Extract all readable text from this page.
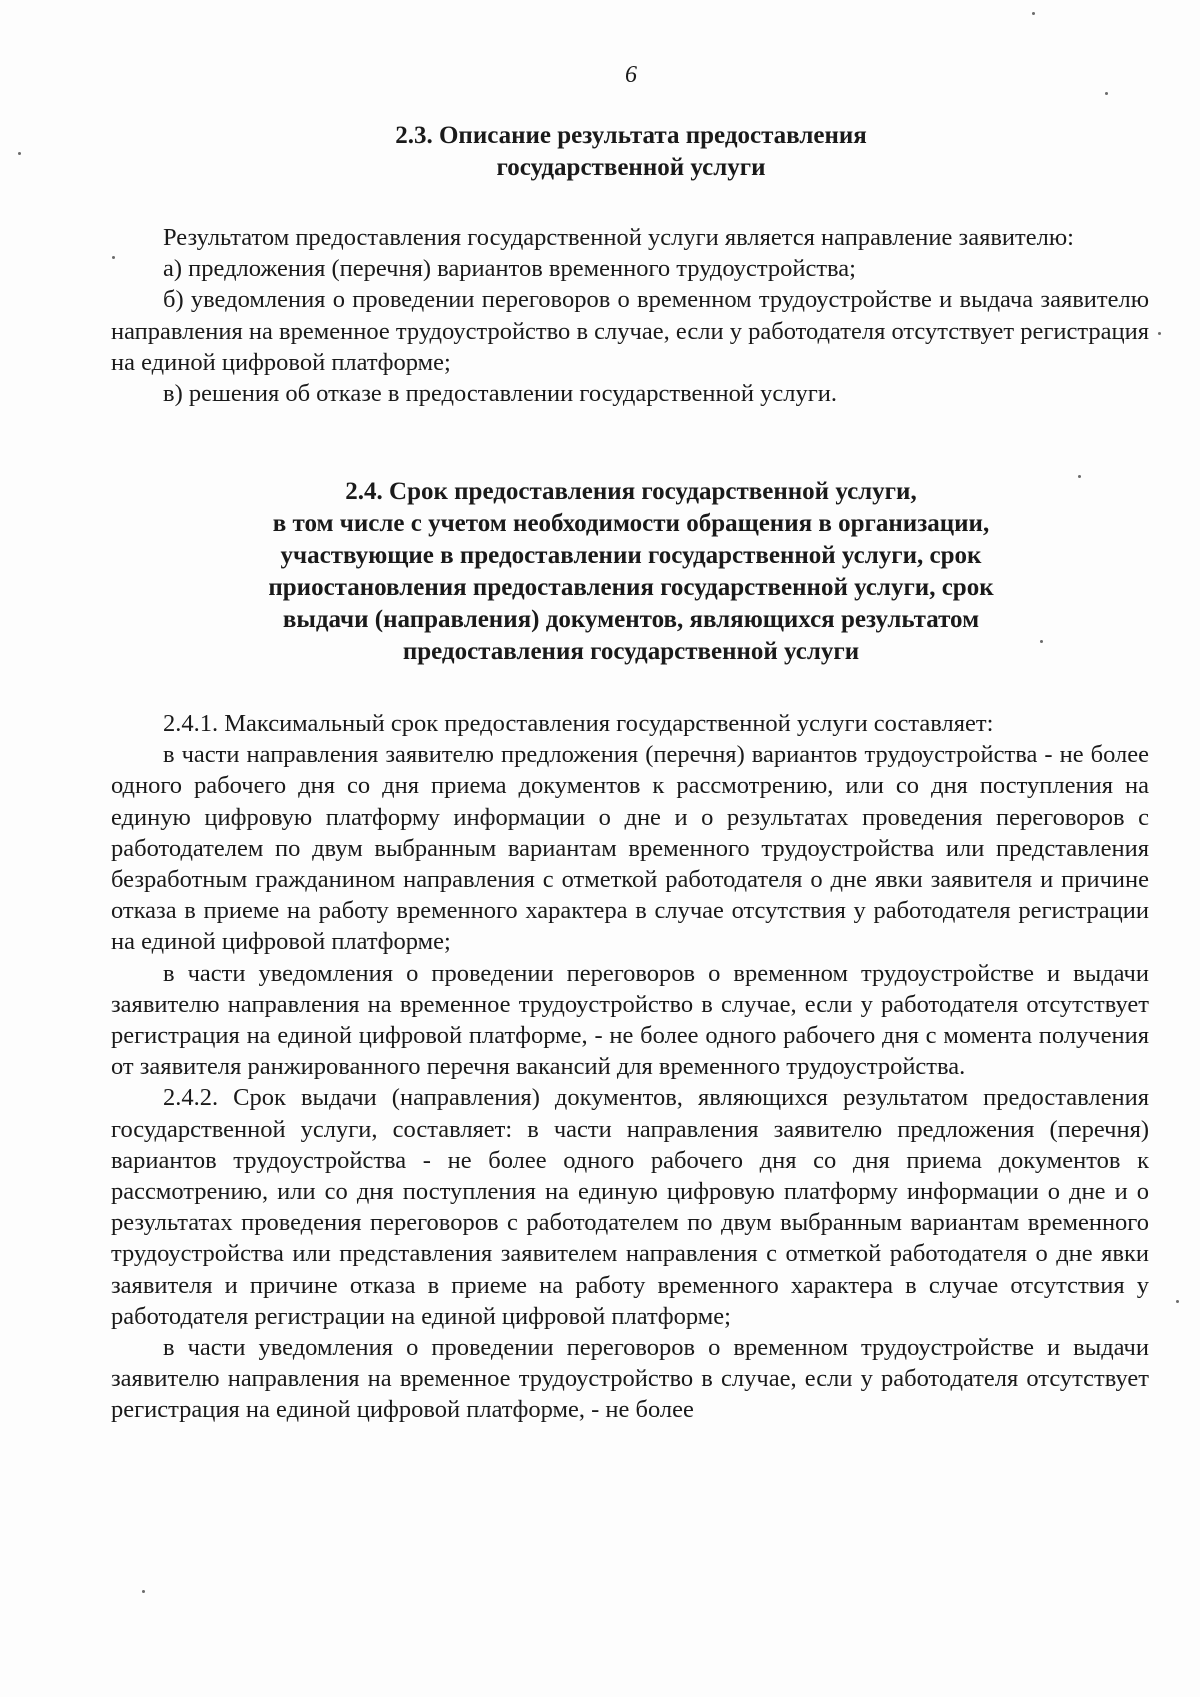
6
2.3. Описание результата предоставления
государственной услуги

Результатом предоставления государственной услуги является направление заявителю:

а) предложения (перечня) вариантов временного трудоустройства;

б) уведомления о проведении переговоров о временном трудоустройстве и выдача заявителю направления на временное трудоустройство в случае, если у работодателя отсутствует регистрация на единой цифровой платформе;

в) решения об отказе в предоставлении государственной услуги.

2.4. Срок предоставления государственной услуги,
в том числе с учетом необходимости обращения в организации,
участвующие в предоставлении государственной услуги, срок
приостановления предоставления государственной услуги, срок
выдачи (направления) документов, являющихся результатом
предоставления государственной услуги

2.4.1. Максимальный срок предоставления государственной услуги составляет:

в части направления заявителю предложения (перечня) вариантов трудоустройства - не более одного рабочего дня со дня приема документов к рассмотрению, или со дня поступления на единую цифровую платформу информации о дне и о результатах проведения переговоров с работодателем по двум выбранным вариантам временного трудоустройства или представления безработным гражданином направления с отметкой работодателя о дне явки заявителя и причине отказа в приеме на работу временного характера в случае отсутствия у работодателя регистрации на единой цифровой платформе;

в части уведомления о проведении переговоров о временном трудоустройстве и выдачи заявителю направления на временное трудоустройство в случае, если у работодателя отсутствует регистрация на единой цифровой платформе, - не более одного рабочего дня с момента получения от заявителя ранжированного перечня вакансий для временного трудоустройства.

2.4.2. Срок выдачи (направления) документов, являющихся результатом предоставления государственной услуги, составляет: в части направления заявителю предложения (перечня) вариантов трудоустройства - не более одного рабочего дня со дня приема документов к рассмотрению, или со дня поступления на единую цифровую платформу информации о дне и о результатах проведения переговоров с работодателем по двум выбранным вариантам временного трудоустройства или представления заявителем направления с отметкой работодателя о дне явки заявителя и причине отказа в приеме на работу временного характера в случае отсутствия у работодателя регистрации на единой цифровой платформе;

в части уведомления о проведении переговоров о временном трудоустройстве и выдачи заявителю направления на временное трудоустройство в случае, если у работодателя отсутствует регистрация на единой цифровой платформе, - не более
